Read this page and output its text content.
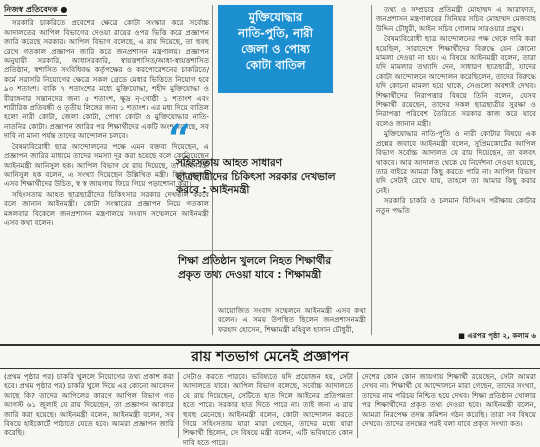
নিজস্ব প্রতিবেদক ●

সরকারি চাকরিতে প্রবেশের ক্ষেত্রে কোটা সংস্কার করে সর্বোচ্চ আদালতের আপিল বিভাগের দেওয়া রায়ের ওপর ভিত্তি করে প্রজ্ঞাপন জারি করেছে সরকার। আপিল বিভাগ বলেছে, এ রায় দিয়েছে, তা হুবহু রেখে গতকাল প্রজ্ঞাপন জারি করে জনপ্রশাসন মন্ত্রণালয়। প্রজ্ঞাপন অনুযায়ী সরকারি, আধাসরকারি, স্বায়ত্তশাসিত/আধা-স্বায়ত্তশাসিত প্রতিষ্ঠান, স্বশাসিত সংবিধিবদ্ধ কর্তৃপক্ষের ও করপোরেশনের চাকরিতে/কর্মে সরাসরি নিয়োগের ক্ষেত্রে সকল গ্রেডে মেধার ভিত্তিতে নিয়োগ হবে ৯৩ শতাংশ। বাকি ৭ শতাংশের মধ্যে মুক্তিযোদ্ধা, শহীদ মুক্তিযোদ্ধা ও বীরাঙ্গনার সন্তানদের জন্য ৫ শতাংশ, ক্ষুদ্র নৃ-গোষ্ঠী ১ শতাংশ এবং শারীরিক প্রতিবন্ধী ও তৃতীয় লিঙ্গের জন্য ১ শতাংশ। এর মধ্য দিয়ে বাতিল হলো নারী কোটা, জেলা কোটা, পোষ্য কোটা ও মুক্তিযোদ্ধার নাতি-নাতনির কোটা। প্রজ্ঞাপন জারির পর শিক্ষার্থীদের একটি অংশ বলেছে, সব দাবি না মানা পর্যন্ত তাদের আন্দোলন চলবে।

বৈষম্যবিরোধী ছাত্র আন্দোলনের পক্ষে এমন বক্তব্য দিয়েছেন, এ প্রজ্ঞাপন জারির মাধ্যমে তাদের সমস্যা দূর করা হয়েছে বলে কোনিয়েছেন আইনমন্ত্রী আনিসুল হক। আপিল বিভাগ যে রায় দিয়েছে, তা আইনমন্ত্রী আনিসুল হক বলেন, এ সংখ্যা দিয়েছেন উল্লিখিত মন্ত্রী। তিনি বলেন, এসব শিক্ষার্থীদের উচিত, স্ব স্ব জায়গায় ফিরে গিয়ে পড়াশোনা করা।

সহিংসতায় আহত ছাত্রছাত্রীদের চিকিৎসার সরকার দেখভাল করবে বলে জানান আইনমন্ত্রী। কোটা সংস্কারের প্রজ্ঞাপন নিয়ে গতকাল মঙ্গলবার বিকেলে জনপ্রশাসন মন্ত্রণালয়ে সংবাদ সম্মেলনে আইনমন্ত্রী এসব কথা বলেন।

মুক্তিযোদ্ধার
নাতি-পুতি, নারী
জেলা ও পোষ্য
কোটা বাতিল
“
সহিংসতায় আহত সাধারণ ছাত্রছাত্রীদের চিকিৎসা সরকার দেখভাল করবে : আইনমন্ত্রী
শিক্ষা প্রতিষ্ঠান খুললে নিহত শিক্ষার্থীর প্রকৃত তথ্য দেওয়া যাবে : শিক্ষামন্ত্রী
আয়োজিত সংবাদ সম্মেলনে আইনমন্ত্রী এসব কথা বলেন। এ সময় উপস্থিত ছিলেন জনপ্রশাসনমন্ত্রী ফরহাদ হোসেন, শিক্ষামন্ত্রী মহিবুল হাসান চৌধুরী,

তথ্য ও সম্প্রচার প্রতিমন্ত্রী মোহাম্মদ এ আরাফাত, জনপ্রশাসন মন্ত্রণালয়ের সিনিয়র সচিব মোহাম্মদ মেজবাহ উদ্দিন চৌধুরী, আইন সচিব গোলাম সারওয়ার প্রমুখ।

বৈষম্যবিরোধী ছাত্র আন্দোলনের পক্ষ থেকে দাবি করা হয়েছিল, সারাদেশে শিক্ষার্থীদের বিরুদ্ধে যেন কোনো মামলা দেওয়া না হয়। এ বিষয়ে আইনমন্ত্রী বলেন, তারা যদি মামলার তথ্যাদি দেন, সাধারণ ছাত্রছাত্রী, যাদের কোটা আন্দোলনে আন্দোলন করেছিলেন, তাদের বিরুদ্ধে যদি কোনো মামলা হয়ে থাকে, সেগুলো অবশ্যই দেখব। শিক্ষার্থীদের নিরাপত্তার বিষয়ে তিনি বলেন, যেসব শিক্ষার্থী রয়েছেন, তাদের সকল ছাত্রছাত্রীর সুরক্ষা ও নিরাপত্তা পরিবেশ তৈরিতে সরকার কাজ করে যাবে বলেও জানান মন্ত্রী।

মুক্তিযোদ্ধার নাতি-পুতি ও নারী কোটার বিষয়ে এক প্রশ্নের জবাবে আইনমন্ত্রী বলেন, সুপ্রিমকোর্টের আপিল বিভাগ সর্বোচ্চ আদালত যে রায় দিয়েছেন, তা বলবৎ থাকবে। আর আদালত থেকে যে নির্দেশনা দেওয়া হয়েছে, তার বাইরে আমরা কিছু করতে পারি না। আপিল বিভাগ যদি সেটাই রেখে যায়, তাহলে তা আমার কিছু করার নেই।

সরকারি চাকরি ও চলমান বিসিএস পরীক্ষায় কোটার নতুন পদ্ধতি

■ এরপর পৃষ্ঠা ২, কলাম ৬
রায় শতভাগ মেনেই প্রজ্ঞাপন
(প্রথম পৃষ্ঠার পর) চাকরি খুললে নিয়োগের তথ্য প্রকাশ করা হবে। প্রথম পৃষ্ঠার পর) চাকরি খুলে দিয়ে এর কোনো আবেদন আছে কি? তাদের আপিলের কারণে আপিল বিভাগ গত আগস্ট ৬১ জুলাই যে রায় দিয়েছেন, তা প্রজ্ঞাপন আকারে জারি করা হয়েছে। আইনমন্ত্রী বলেন, আইনমন্ত্রী বলেন, সব বিষয়ে হাইকোর্টে পাঠাতে যেতে হবে। আমরা প্রজ্ঞাপন জারি করেছি।
সেটাও করতে পারবে। ভবিষ্যতে যদি প্রয়োজন হয়, সেটা আদালতে যাবে। আপিল বিভাগ বলেছে, সর্বোচ্চ আদালতে যে রায় দিয়েছেন, সেটিতে হাত দিলে আইনের প্রতিপন্নতা হতে পারে। সরকার হাত দিতে পারে না। তাই জন্য এ রায় হুবহু মেনেছে। আইনমন্ত্রী বলেন, কোটা আন্দোলন করতে গিয়ে সহিংসতায় যারা মারা গেছেন, তাদের মধ্যে যারা শিক্ষার্থী ছিলেন, সে বিষয়ে মন্ত্রী বলেন, এটি ভবিষ্যতে কোন দাবি হতে পারে।
দেশের কোন কোন জায়গায় শিক্ষার্থী রয়েছেন, সেটা আমরা দেখব না। শিক্ষার্থী যে আন্দোলনে মারা গেছেন, তাদের সংখ্যা, তাদের নাম পরিচয় নিশ্চিত হয়ে দেখব। শিক্ষা প্রতিষ্ঠান খোলার পর শিক্ষার্থীদের প্রকৃত তথ্য দেওয়া হবে। আইনমন্ত্রী বলেন, আমরা নিরপেক্ষ তদন্ত কমিশন গঠন করেছি। তারা সব বিষয়ে দেখবে। তাদের তদন্তের পরই বলা যাবে প্রকৃত সংখ্যা কত।
